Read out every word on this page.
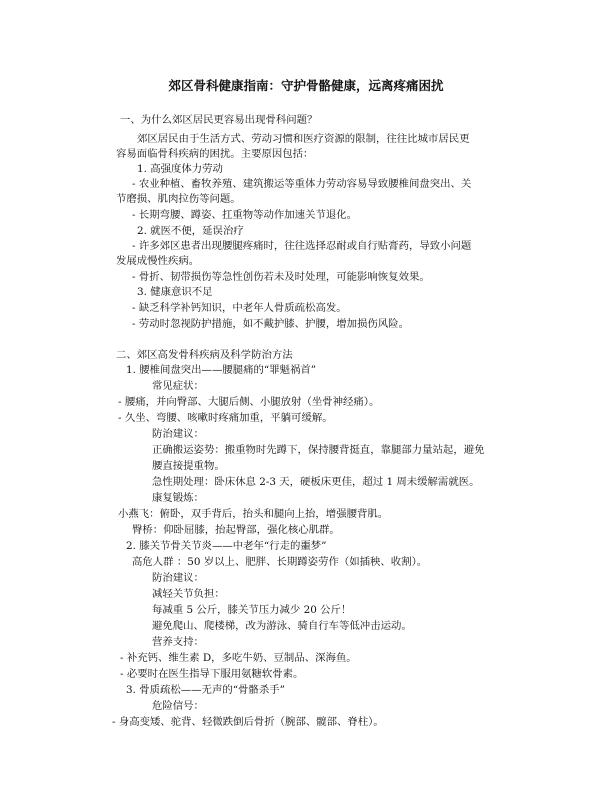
郊区骨科健康指南：守护骨骼健康，远离疼痛困扰
一、为什么郊区居民更容易出现骨科问题？
郊区居民由于生活方式、劳动习惯和医疗资源的限制，往往比城市居民更
容易面临骨科疾病的困扰。主要原因包括：
1. 高强度体力劳动
- 农业种植、畜牧养殖、建筑搬运等重体力劳动容易导致腰椎间盘突出、关
节磨损、肌肉拉伤等问题。
- 长期弯腰、蹲姿、扛重物等动作加速关节退化。
2. 就医不便，延误治疗
- 许多郊区患者出现腰腿疼痛时，往往选择忍耐或自行贴膏药，导致小问题
发展成慢性疾病。
- 骨折、韧带损伤等急性创伤若未及时处理，可能影响恢复效果。
3. 健康意识不足
- 缺乏科学补钙知识，中老年人骨质疏松高发。
- 劳动时忽视防护措施，如不戴护膝、护腰，增加损伤风险。
二、郊区高发骨科疾病及科学防治方法
1. 腰椎间盘突出——腰腿痛的“罪魁祸首”
常见症状：
- 腰痛，并向臀部、大腿后侧、小腿放射（坐骨神经痛）。
- 久坐、弯腰、咳嗽时疼痛加重，平躺可缓解。
防治建议：
正确搬运姿势：搬重物时先蹲下，保持腰背挺直，靠腿部力量站起，避免
腰直接提重物。
急性期处理：卧床休息 2-3 天，硬板床更佳，超过 1 周未缓解需就医。
康复锻炼：
小燕飞：俯卧，双手背后，抬头和腿向上抬，增强腰背肌。
臀桥：仰卧屈膝，抬起臀部，强化核心肌群。
2. 膝关节骨关节炎——中老年“行走的噩梦”
高危人群 ：50 岁以上、肥胖、长期蹲姿劳作（如插秧、收割）。
防治建议：
减轻关节负担：
每减重 5 公斤，膝关节压力减少 20 公斤！
避免爬山、爬楼梯，改为游泳、骑自行车等低冲击运动。
营养支持：
- 补充钙、维生素 D，多吃牛奶、豆制品、深海鱼。
- 必要时在医生指导下服用氨糖软骨素。
3. 骨质疏松——无声的“骨骼杀手”
危险信号：
- 身高变矮、驼背、轻微跌倒后骨折（腕部、髋部、脊柱）。
